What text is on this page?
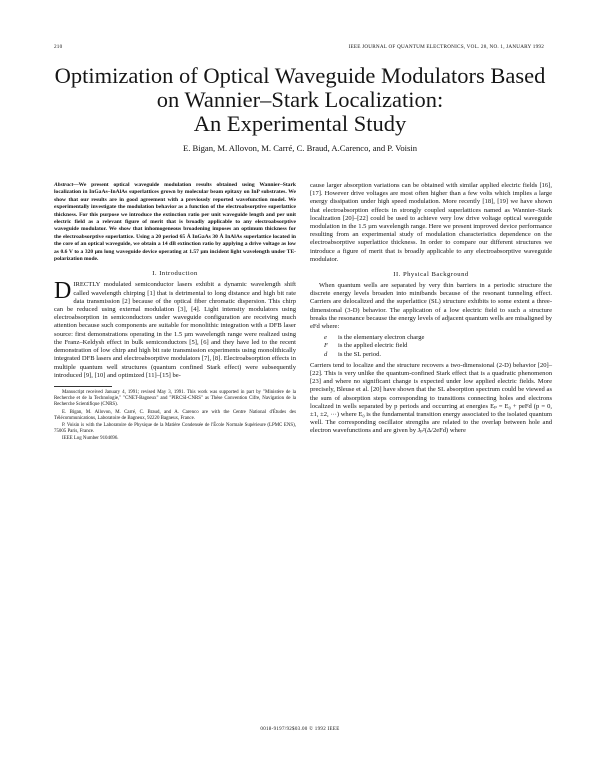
210	IEEE JOURNAL OF QUANTUM ELECTRONICS, VOL. 28, NO. 1, JANUARY 1992
Optimization of Optical Waveguide Modulators Based
on Wannier–Stark Localization:
An Experimental Study
E. Bigan, M. Allovon, M. Carré, C. Braud, A.Carenco, and P. Voisin

Abstract—We present optical waveguide modulation results obtained using Wannier–Stark localization in InGaAs–InAlAs superlattices grown by molecular beam epitaxy on InP substrates. We show that our results are in good agreement with a previously reported wavefunction model. We experimentally investigate the modulation behavior as a function of the electroabsorptive superlattice thickness. For this purpose we introduce the extinction ratio per unit waveguide length and per unit electric field as a relevant figure of merit that is broadly applicable to any electroabsorptive waveguide modulator. We show that inhomogeneous broadening imposes an optimum thickness for the electroabsorptive superlattice. Using a 20 period 65 Å InGaAs 30 Å InAlAs superlattice located in the core of an optical waveguide, we obtain a 14 dB extinction ratio by applying a drive voltage as low as 0.6 V to a 320 µm long waveguide device operating at 1.57 µm incident light wavelength under TE-polarization mode.

I. Introduction

DIRECTLY modulated semiconductor lasers exhibit a dynamic wavelength shift called wavelength chirping [1] that is detrimental to long distance and high bit rate data transmission [2] because of the optical fiber chromatic dispersion. This chirp can be reduced using external modulation [3], [4]. Light intensity modulators using electroabsorption in semiconductors under waveguide configuration are receiving much attention because such components are suitable for monolithic integration with a DFB laser source: first demonstrations operating in the 1.5 µm wavelength range were realized using the Franz–Keldysh effect in bulk semiconductors [5], [6] and they have led to the recent demonstration of low chirp and high bit rate transmission experiments using monolithically integrated DFB lasers and electroabsorptive modulators [7], [8]. Electroabsorption effects in multiple quantum well structures (quantum confined Stark effect) were subsequently introduced [9], [10] and optimized [11]–[15] be-

Manuscript received January 4, 1991; revised May 3, 1991. This work was supported in part by "Ministère de la Recherche et de la Technologie," "CNET-Bagneux" and "PIRCSI-CNRS" as Thèse Convention Cifre, Navigation de la Recherche Scientifique (CNRS).

E. Bigan, M. Allovon, M. Carré, C. Braud, and A. Carenco are with the Centre National d'Études des Télécommunications, Laboratoire de Bagneux, 92220 Bagneux, France.

P. Voisin is with the Laboratoire de Physique de la Matière Condensée de l'École Normale Supérieure (LPMC ENS), 75005 Paris, France.

IEEE Log Number 9104696.

cause larger absorption variations can be obtained with similar applied electric fields [16], [17]. However drive voltages are most often higher than a few volts which implies a large energy dissipation under high speed modulation. More recently [18], [19] we have shown that electroabsorption effects in strongly coupled superlattices named as Wannier–Stark localization [20]–[22] could be used to achieve very low drive voltage optical waveguide modulation in the 1.5 µm wavelength range. Here we present improved device performance resulting from an experimental study of modulation characteristics dependence on the electroabsorptive superlattice thickness. In order to compare our different structures we introduce a figure of merit that is broadly applicable to any electroabsorptive waveguide modulator.

II. Physical Background

When quantum wells are separated by very thin barriers in a periodic structure the discrete energy levels broaden into minibands because of the resonant tunneling effect. Carriers are delocalized and the superlattice (SL) structure exhibits to some extent a three-dimensional (3-D) behavior. The application of a low electric field to such a structure breaks the resonance because the energy levels of adjacent quantum wells are misaligned by eFd where:

e is the elementary electron charge
F is the applied electric field
d is the SL period.

Carriers tend to localize and the structure recovers a two-dimensional (2-D) behavior [20]–[22]. This is very unlike the quantum-confined Stark effect that is a quadratic phenomenon [23] and where no significant change is expected under low applied electric fields. More precisely, Bleuse et al. [20] have shown that the SL absorption spectrum could be viewed as the sum of absorption steps corresponding to transitions connecting holes and electrons localized in wells separated by p periods and occurring at energies Eₚ = E₀ + peFd (p = 0, ±1, ±2, ···) where E₀ is the fundamental transition energy associated to the isolated quantum well. The corresponding oscillator strengths are related to the overlap between hole and electron wavefunctions and are given by Jₚ²(Δ/2eFd) where

0018-9197/92$03.00 © 1992 IEEE
